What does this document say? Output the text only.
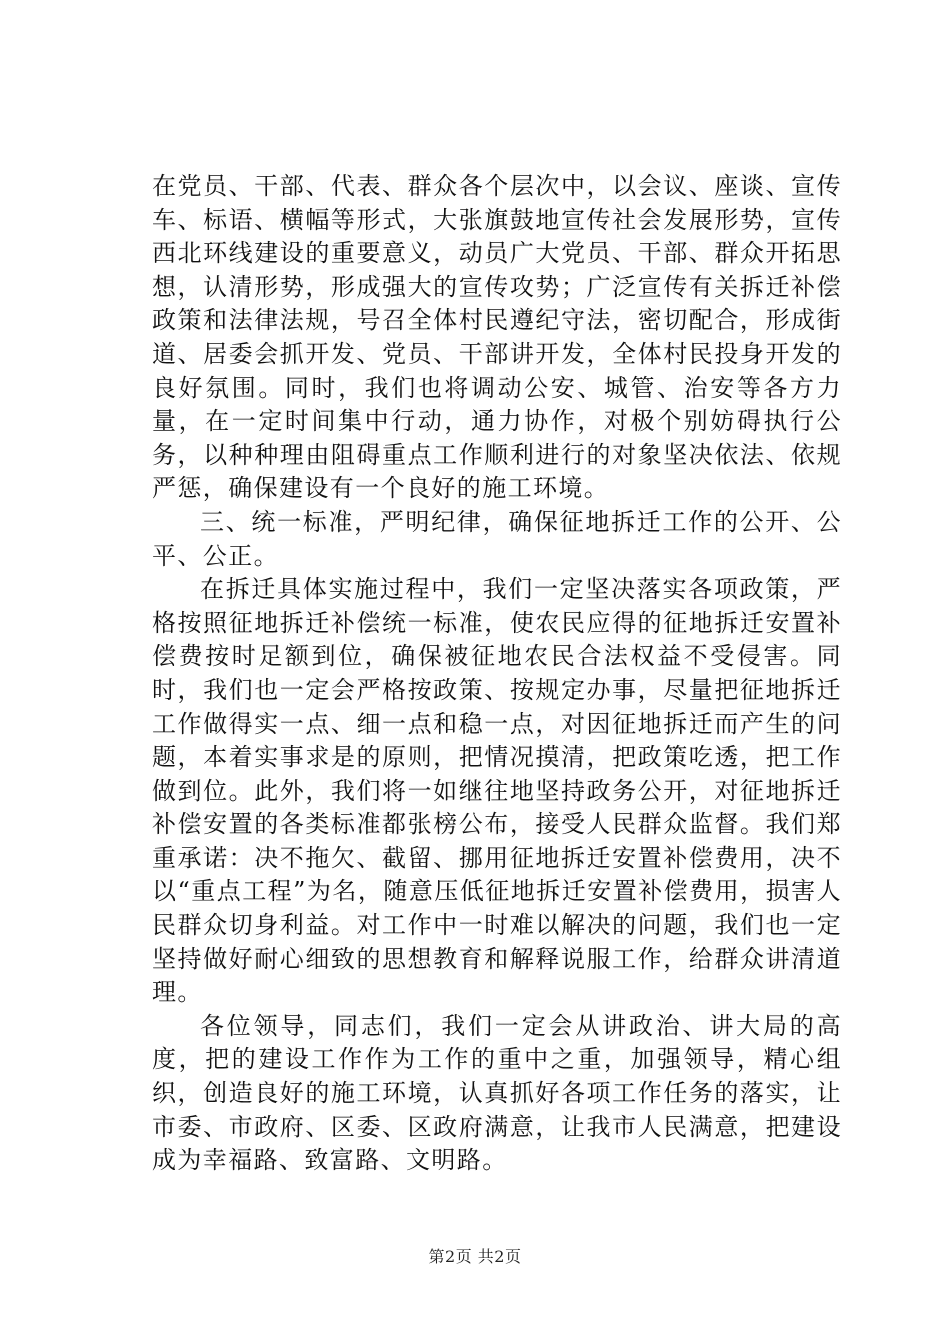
在党员、干部、代表、群众各个层次中，以会议、座谈、宣传车、标语、横幅等形式，大张旗鼓地宣传社会发展形势，宣传西北环线建设的重要意义，动员广大党员、干部、群众开拓思想，认清形势，形成强大的宣传攻势；广泛宣传有关拆迁补偿政策和法律法规，号召全体村民遵纪守法，密切配合，形成街道、居委会抓开发、党员、干部讲开发，全体村民投身开发的良好氛围。同时，我们也将调动公安、城管、治安等各方力量，在一定时间集中行动，通力协作，对极个别妨碍执行公务，以种种理由阻碍重点工作顺利进行的对象坚决依法、依规严惩，确保建设有一个良好的施工环境。

三、统一标准，严明纪律，确保征地拆迁工作的公开、公平、公正。

在拆迁具体实施过程中，我们一定坚决落实各项政策，严格按照征地拆迁补偿统一标准，使农民应得的征地拆迁安置补偿费按时足额到位，确保被征地农民合法权益不受侵害。同时，我们也一定会严格按政策、按规定办事，尽量把征地拆迁工作做得实一点、细一点和稳一点，对因征地拆迁而产生的问题，本着实事求是的原则，把情况摸清，把政策吃透，把工作做到位。此外，我们将一如继往地坚持政务公开，对征地拆迁补偿安置的各类标准都张榜公布，接受人民群众监督。我们郑重承诺：决不拖欠、截留、挪用征地拆迁安置补偿费用，决不以“重点工程”为名，随意压低征地拆迁安置补偿费用，损害人民群众切身利益。对工作中一时难以解决的问题，我们也一定坚持做好耐心细致的思想教育和解释说服工作，给群众讲清道理。

各位领导，同志们，我们一定会从讲政治、讲大局的高度，把的建设工作作为工作的重中之重，加强领导，精心组织，创造良好的施工环境，认真抓好各项工作任务的落实，让市委、市政府、区委、区政府满意，让我市人民满意，把建设成为幸福路、致富路、文明路。

第2页 共2页
